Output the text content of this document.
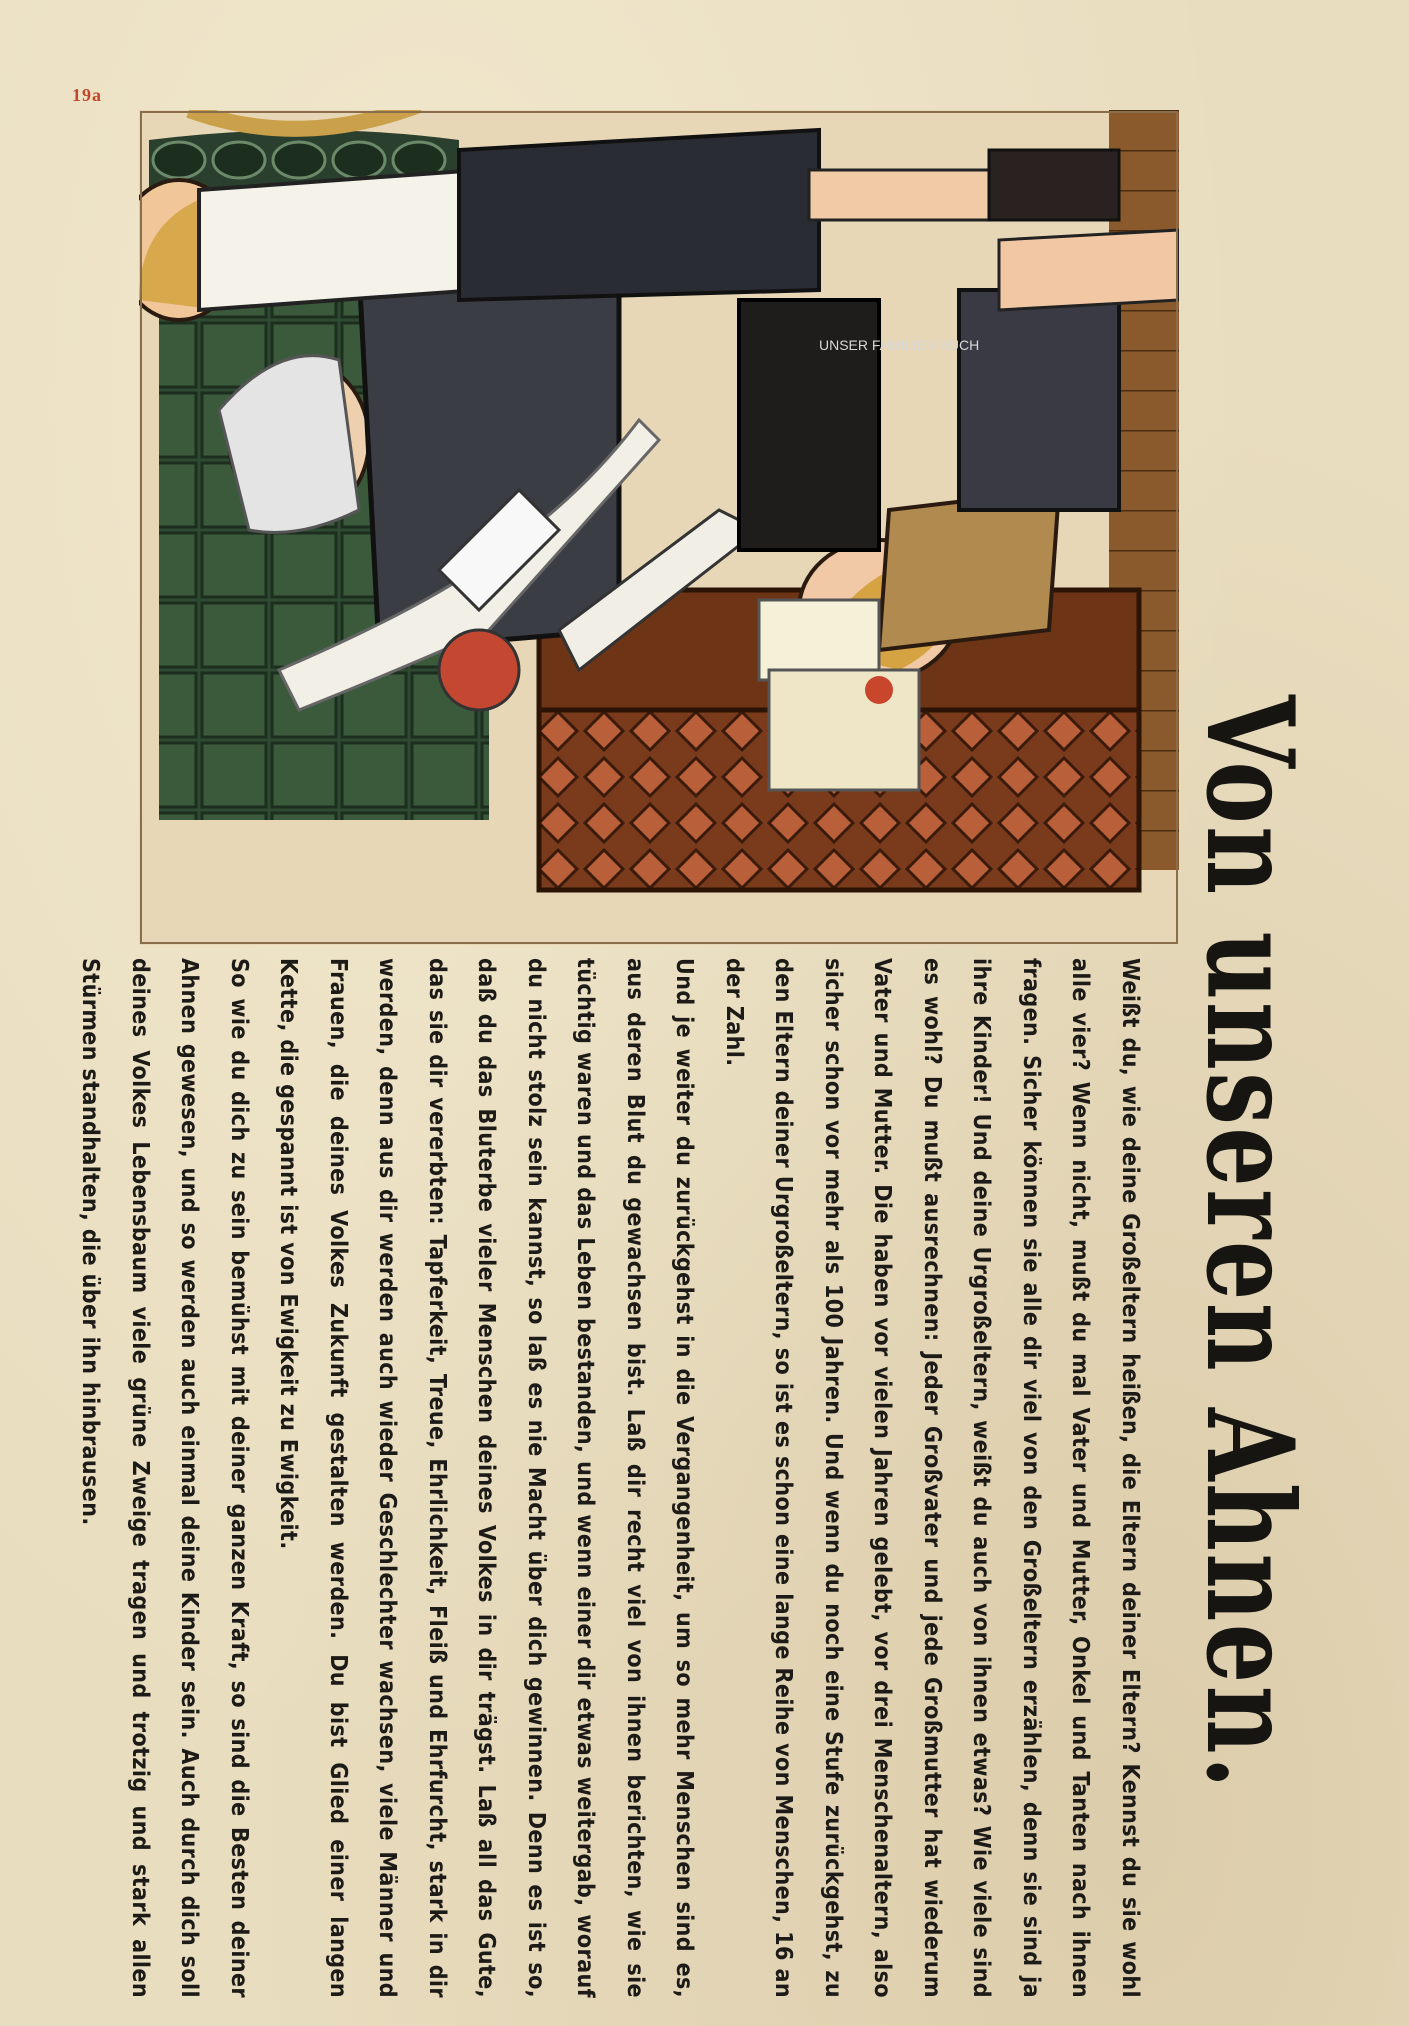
19a
UNSER FAMILIEN BUCH
Von unseren Ahnen.

Weißt du, wie deine Großeltern heißen, die Eltern deiner Eltern? Kennst du sie wohl alle vier? Wenn nicht, mußt du mal Vater und Mutter, Onkel und Tanten nach ihnen fragen. Sicher können sie alle dir viel von den Großeltern erzählen, denn sie sind ja ihre Kinder! Und deine Urgroßeltern, weißt du auch von ihnen etwas? Wie viele sind es wohl? Du mußt ausrechnen: Jeder Großvater und jede Großmutter hat wiederum Vater und Mutter. Die haben vor vielen Jahren gelebt, vor drei Menschenaltern, also sicher schon vor mehr als 100 Jahren. Und wenn du noch eine Stufe zurückgehst, zu den Eltern deiner Urgroßeltern, so ist es schon eine lange Reihe von Menschen, 16 an der Zahl.

Und je weiter du zurückgehst in die Vergangenheit, um so mehr Menschen sind es, aus deren Blut du gewachsen bist. Laß dir recht viel von ihnen berichten, wie sie tüchtig waren und das Leben bestanden, und wenn einer dir etwas weitergab, worauf du nicht stolz sein kannst, so laß es nie Macht über dich gewinnen. Denn es ist so, daß du das Bluterbe vieler Menschen deines Volkes in dir trägst. Laß all das Gute, das sie dir vererbten: Tapferkeit, Treue, Ehrlichkeit, Fleiß und Ehrfurcht, stark in dir werden, denn aus dir werden auch wieder Geschlechter wachsen, viele Männer und Frauen, die deines Volkes Zukunft gestalten werden. Du bist Glied einer langen Kette, die gespannt ist von Ewigkeit zu Ewigkeit.

So wie du dich zu sein bemühst mit deiner ganzen Kraft, so sind die Besten deiner Ahnen gewesen, und so werden auch einmal deine Kinder sein. Auch durch dich soll deines Volkes Lebensbaum viele grüne Zweige tragen und trotzig und stark allen Stürmen standhalten, die über ihn hinbrausen.
